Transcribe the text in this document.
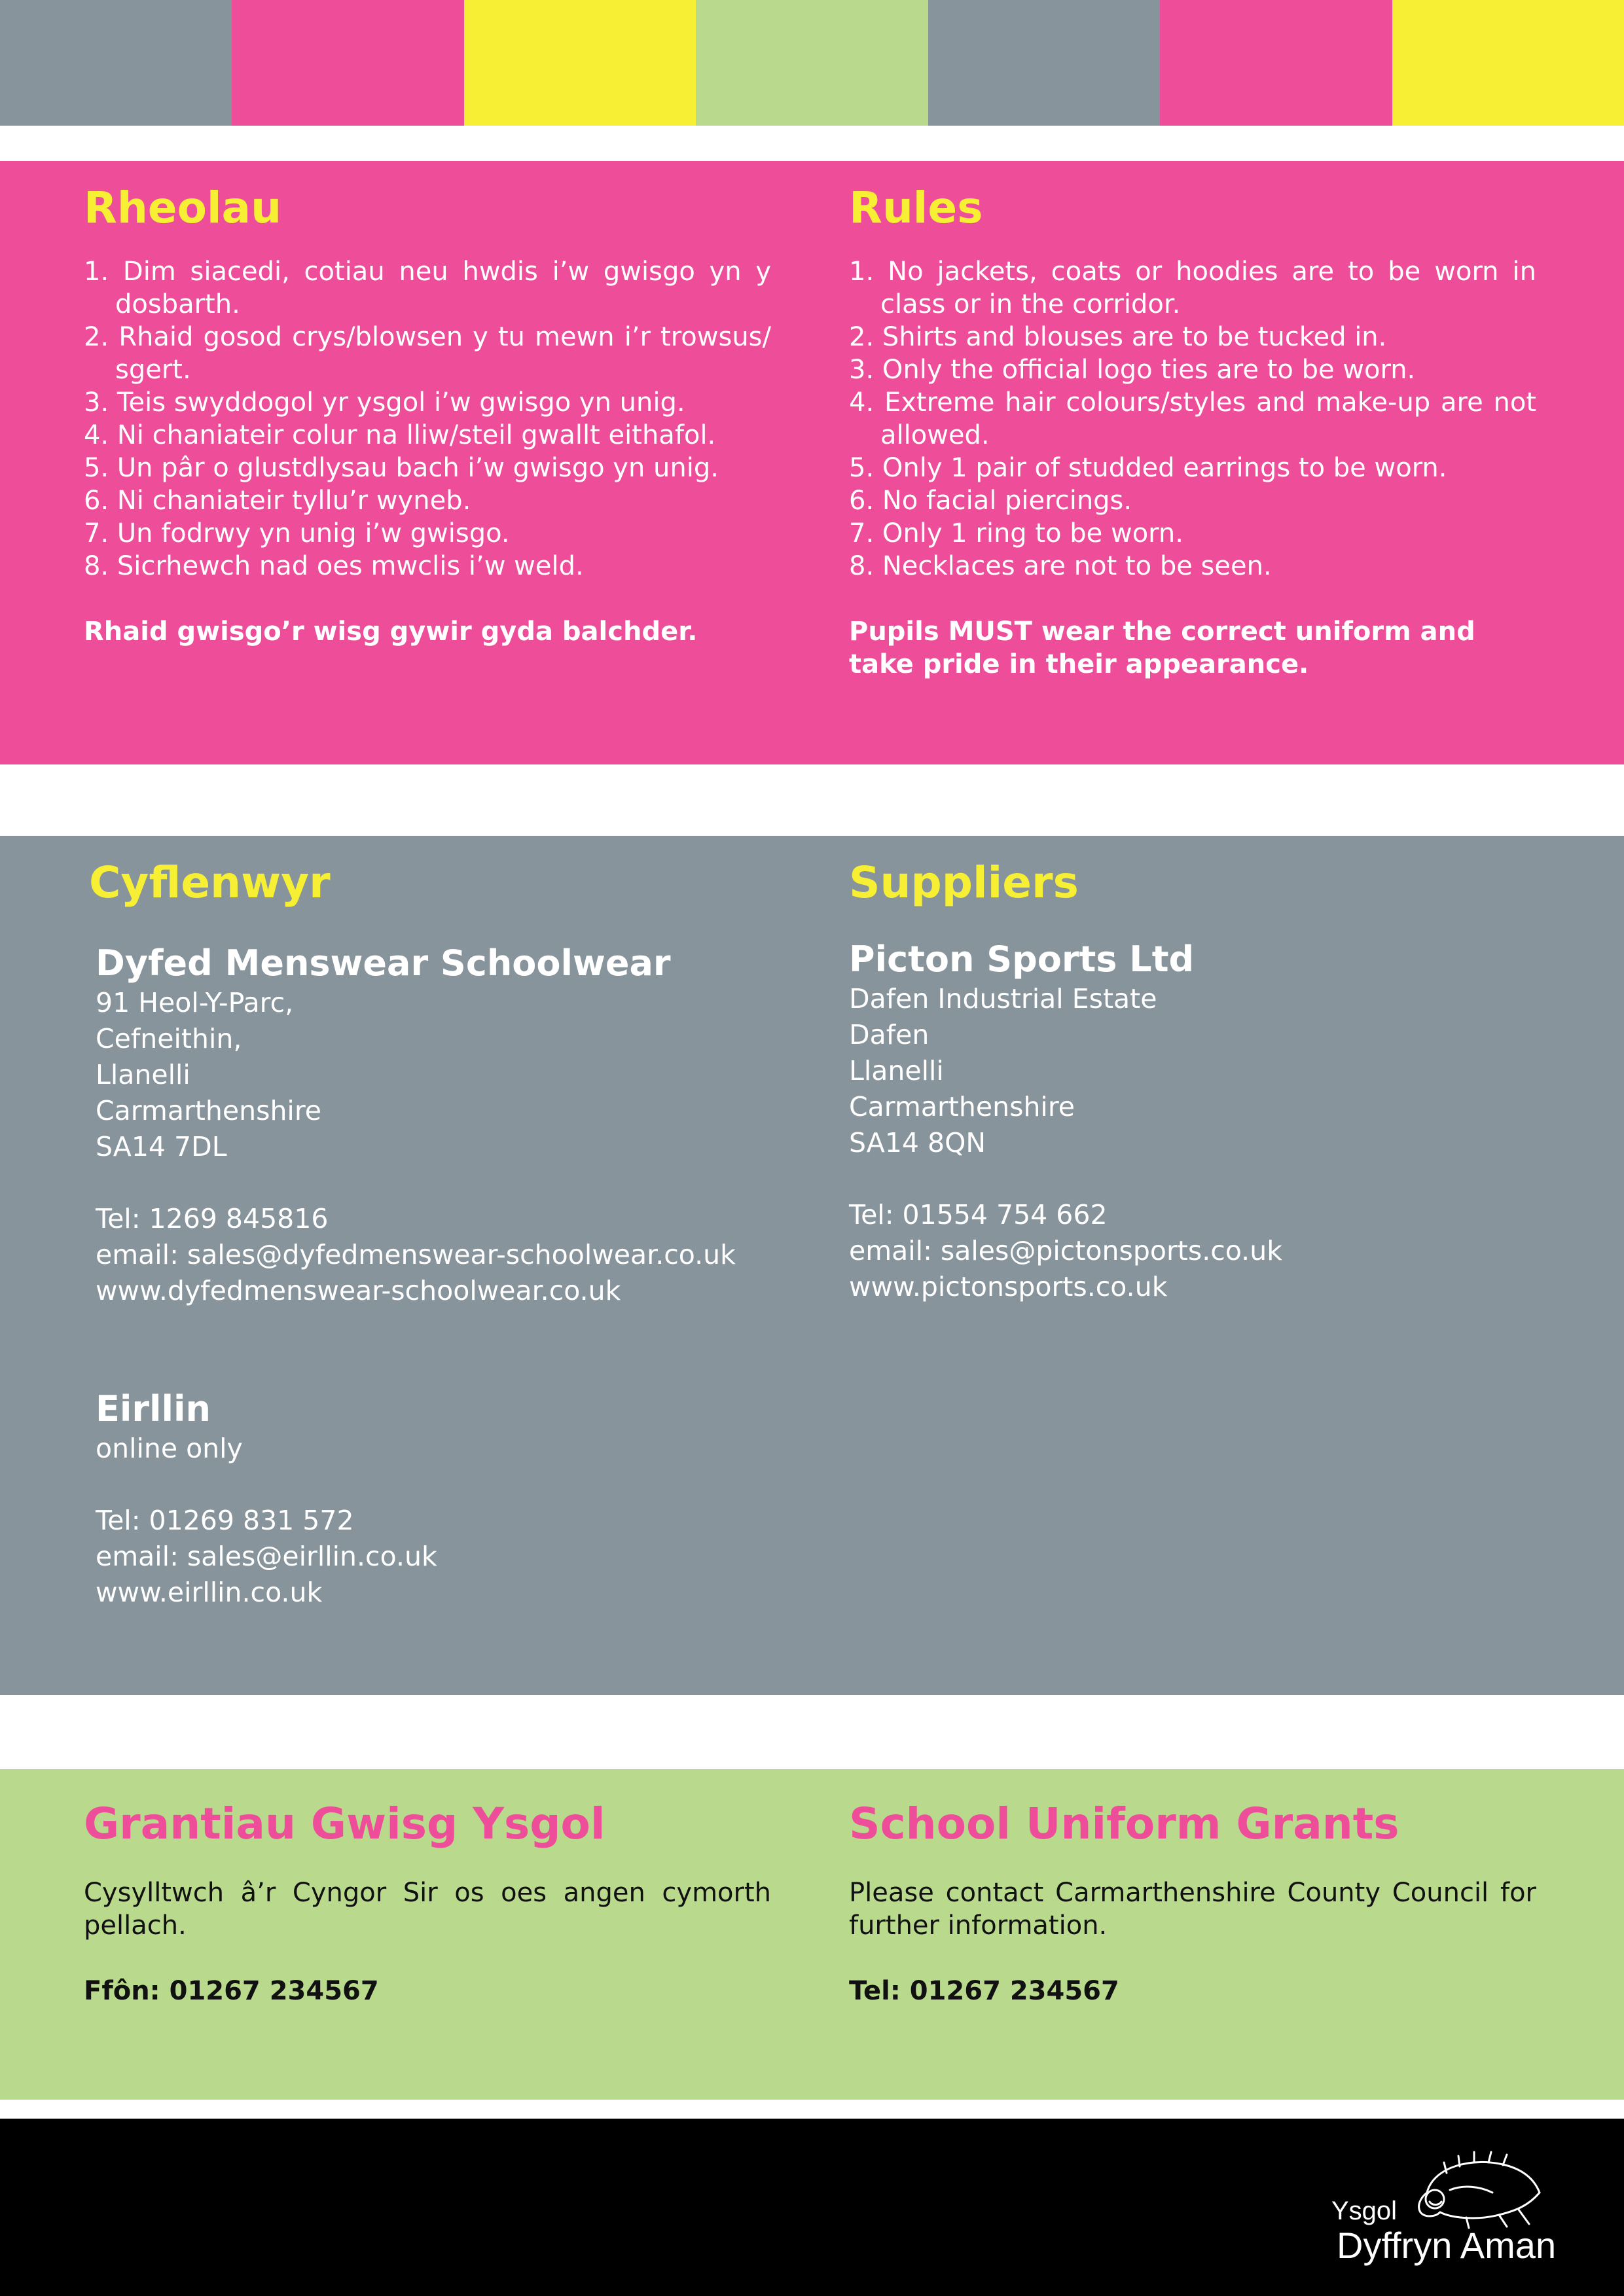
Rheolau
1. Dim siacedi, cotiau neu hwdis i’w gwisgo yn y dosbarth.
2. Rhaid gosod crys/blowsen y tu mewn i’r trowsus/ sgert.
3. Teis swyddogol yr ysgol i’w gwisgo yn unig.
4. Ni chaniateir colur na lliw/steil gwallt eithafol.
5. Un pâr o glustdlysau bach i’w gwisgo yn unig.
6. Ni chaniateir tyllu’r wyneb.
7. Un fodrwy yn unig i’w gwisgo.
8. Sicrhewch nad oes mwclis i’w weld.
Rhaid gwisgo’r wisg gywir gyda balchder.
Rules
1. No jackets, coats or hoodies are to be worn in class or in the corridor.
2. Shirts and blouses are to be tucked in.
3. Only the official logo ties are to be worn.
4. Extreme hair colours/styles and make-up are not allowed.
5. Only 1 pair of studded earrings to be worn.
6. No facial piercings.
7. Only 1 ring to be worn.
8. Necklaces are not to be seen.
Pupils MUST wear the correct uniform and take pride in their appearance.
Cyflenwyr
Dyfed Menswear Schoolwear
91 Heol-Y-Parc,
Cefneithin,
Llanelli
Carmarthenshire
SA14 7DL
Tel: 1269 845816
email: sales@dyfedmenswear-schoolwear.co.uk
www.dyfedmenswear-schoolwear.co.uk
Eirllin
online only
Tel: 01269 831 572
email: sales@eirllin.co.uk
www.eirllin.co.uk
Suppliers
Picton Sports Ltd
Dafen Industrial Estate
Dafen
Llanelli
Carmarthenshire
SA14 8QN
Tel: 01554 754 662
email: sales@pictonsports.co.uk
www.pictonsports.co.uk
Grantiau Gwisg Ysgol
Cysylltwch â’r Cyngor Sir os oes angen cymorth pellach.
Ffôn: 01267 234567
School Uniform Grants
Please contact Carmarthenshire County Council for further information.
Tel: 01267 234567
Ysgol
Dyffryn Aman
